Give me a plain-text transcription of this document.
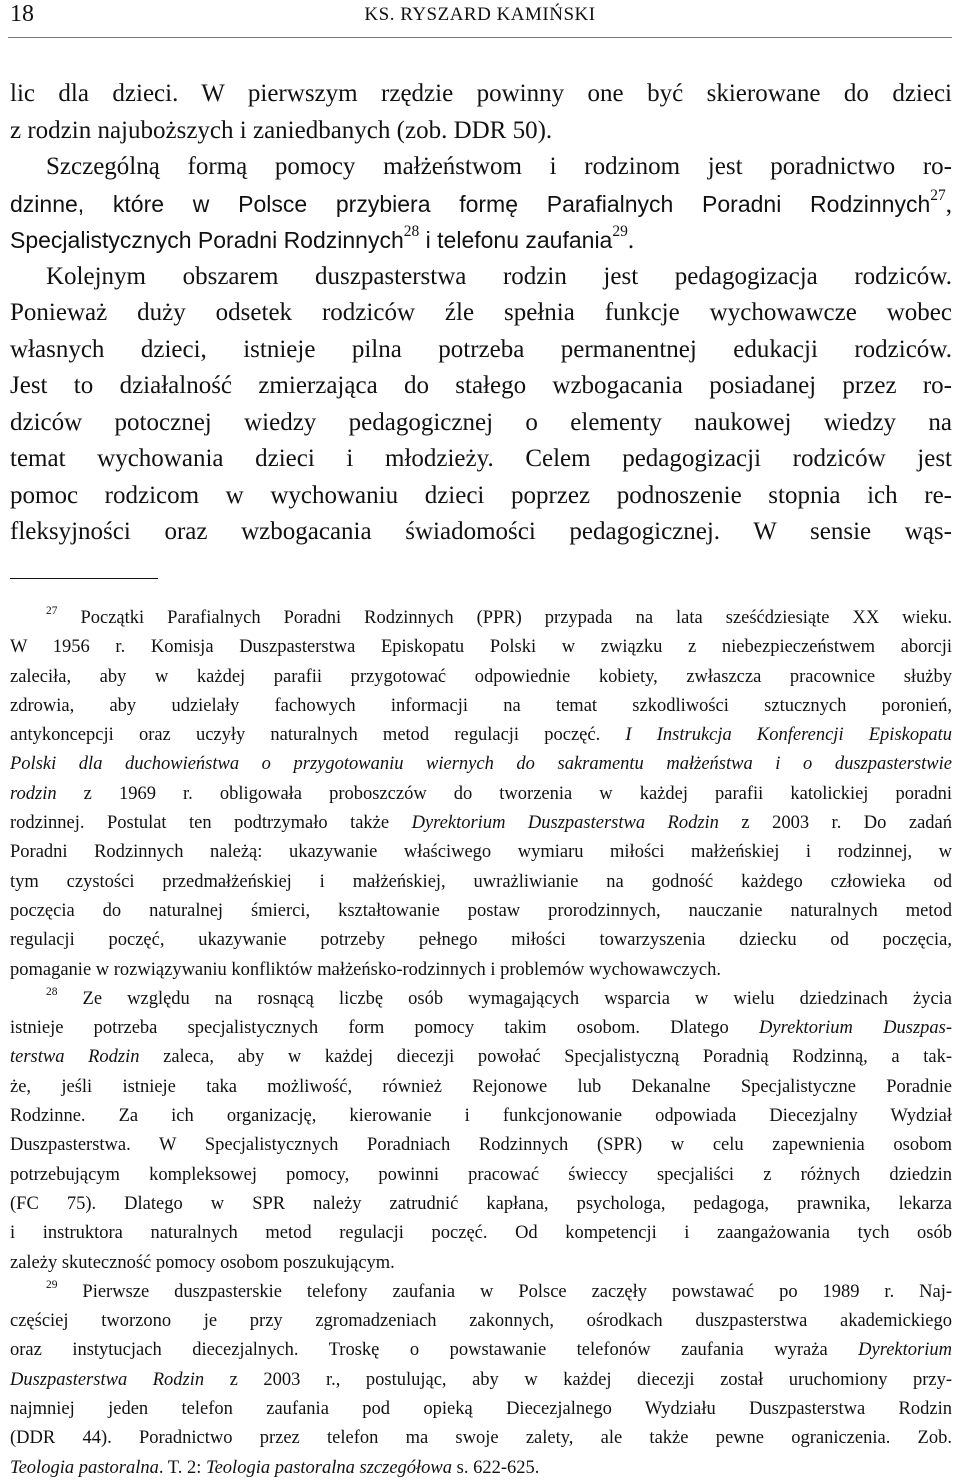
18	KS. RYSZARD KAMIŃSKI
lic dla dzieci. W pierwszym rzędzie powinny one być skierowane do dzieci
z rodzin najuboższych i zaniedbanych (zob. DDR 50).
Szczególną formą pomocy małżeństwom i rodzinom jest poradnictwo ro-
dzinne, które w Polsce przybiera formę Parafialnych Poradni Rodzinnych$^{27}$,
Specjalistycznych Poradni Rodzinnych$^{28}$ i telefonu zaufania$^{29}$.
Kolejnym obszarem duszpasterstwa rodzin jest pedagogizacja rodziców.
Ponieważ duży odsetek rodziców źle spełnia funkcje wychowawcze wobec
własnych dzieci, istnieje pilna potrzeba permanentnej edukacji rodziców.
Jest to działalność zmierzająca do stałego wzbogacania posiadanej przez ro-
dziców potocznej wiedzy pedagogicznej o elementy naukowej wiedzy na
temat wychowania dzieci i młodzieży. Celem pedagogizacji rodziców jest
pomoc rodzicom w wychowaniu dzieci poprzez podnoszenie stopnia ich re-
fleksyjności oraz wzbogacania świadomości pedagogicznej. W sensie wąs-
$^{27}$ Początki Parafialnych Poradni Rodzinnych (PPR) przypada na lata sześćdziesiąte XX wieku.
W 1956 r. Komisja Duszpasterstwa Episkopatu Polski w związku z niebezpieczeństwem aborcji
zaleciła, aby w każdej parafii przygotować odpowiednie kobiety, zwłaszcza pracownice służby
zdrowia, aby udzielały fachowych informacji na temat szkodliwości sztucznych poronień,
antykoncepcji oraz uczyły naturalnych metod regulacji poczęć. I Instrukcja Konferencji Episkopatu
Polski dla duchowieństwa o przygotowaniu wiernych do sakramentu małżeństwa i o duszpasterstwie
rodzin z 1969 r. obligowała proboszczów do tworzenia w każdej parafii katolickiej poradni
rodzinnej. Postulat ten podtrzymało także Dyrektorium Duszpasterstwa Rodzin z 2003 r. Do zadań
Poradni Rodzinnych należą: ukazywanie właściwego wymiaru miłości małżeńskiej i rodzinnej, w
tym czystości przedmałżeńskiej i małżeńskiej, uwrażliwianie na godność każdego człowieka od
poczęcia do naturalnej śmierci, kształtowanie postaw prorodzinnych, nauczanie naturalnych metod
regulacji poczęć, ukazywanie potrzeby pełnego miłości towarzyszenia dziecku od poczęcia,
pomaganie w rozwiązywaniu konfliktów małżeńsko-rodzinnych i problemów wychowawczych.
$^{28}$ Ze względu na rosnącą liczbę osób wymagających wsparcia w wielu dziedzinach życia
istnieje potrzeba specjalistycznych form pomocy takim osobom. Dlatego Dyrektorium Duszpas-
terstwa Rodzin zaleca, aby w każdej diecezji powołać Specjalistyczną Poradnią Rodzinną, a tak-
że, jeśli istnieje taka możliwość, również Rejonowe lub Dekanalne Specjalistyczne Poradnie
Rodzinne. Za ich organizację, kierowanie i funkcjonowanie odpowiada Diecezjalny Wydział
Duszpasterstwa. W Specjalistycznych Poradniach Rodzinnych (SPR) w celu zapewnienia osobom
potrzebującym kompleksowej pomocy, powinni pracować świeccy specjaliści z różnych dziedzin
(FC 75). Dlatego w SPR należy zatrudnić kapłana, psychologa, pedagoga, prawnika, lekarza
i instruktora naturalnych metod regulacji poczęć. Od kompetencji i zaangażowania tych osób
zależy skuteczność pomocy osobom poszukującym.
$^{29}$ Pierwsze duszpasterskie telefony zaufania w Polsce zaczęły powstawać po 1989 r. Naj-
częściej tworzono je przy zgromadzeniach zakonnych, ośrodkach duszpasterstwa akademickiego
oraz instytucjach diecezjalnych. Troskę o powstawanie telefonów zaufania wyraża Dyrektorium
Duszpasterstwa Rodzin z 2003 r., postulując, aby w każdej diecezji został uruchomiony przy-
najmniej jeden telefon zaufania pod opieką Diecezjalnego Wydziału Duszpasterstwa Rodzin
(DDR 44). Poradnictwo przez telefon ma swoje zalety, ale także pewne ograniczenia. Zob.
Teologia pastoralna. T. 2: Teologia pastoralna szczegółowa s. 622-625.
